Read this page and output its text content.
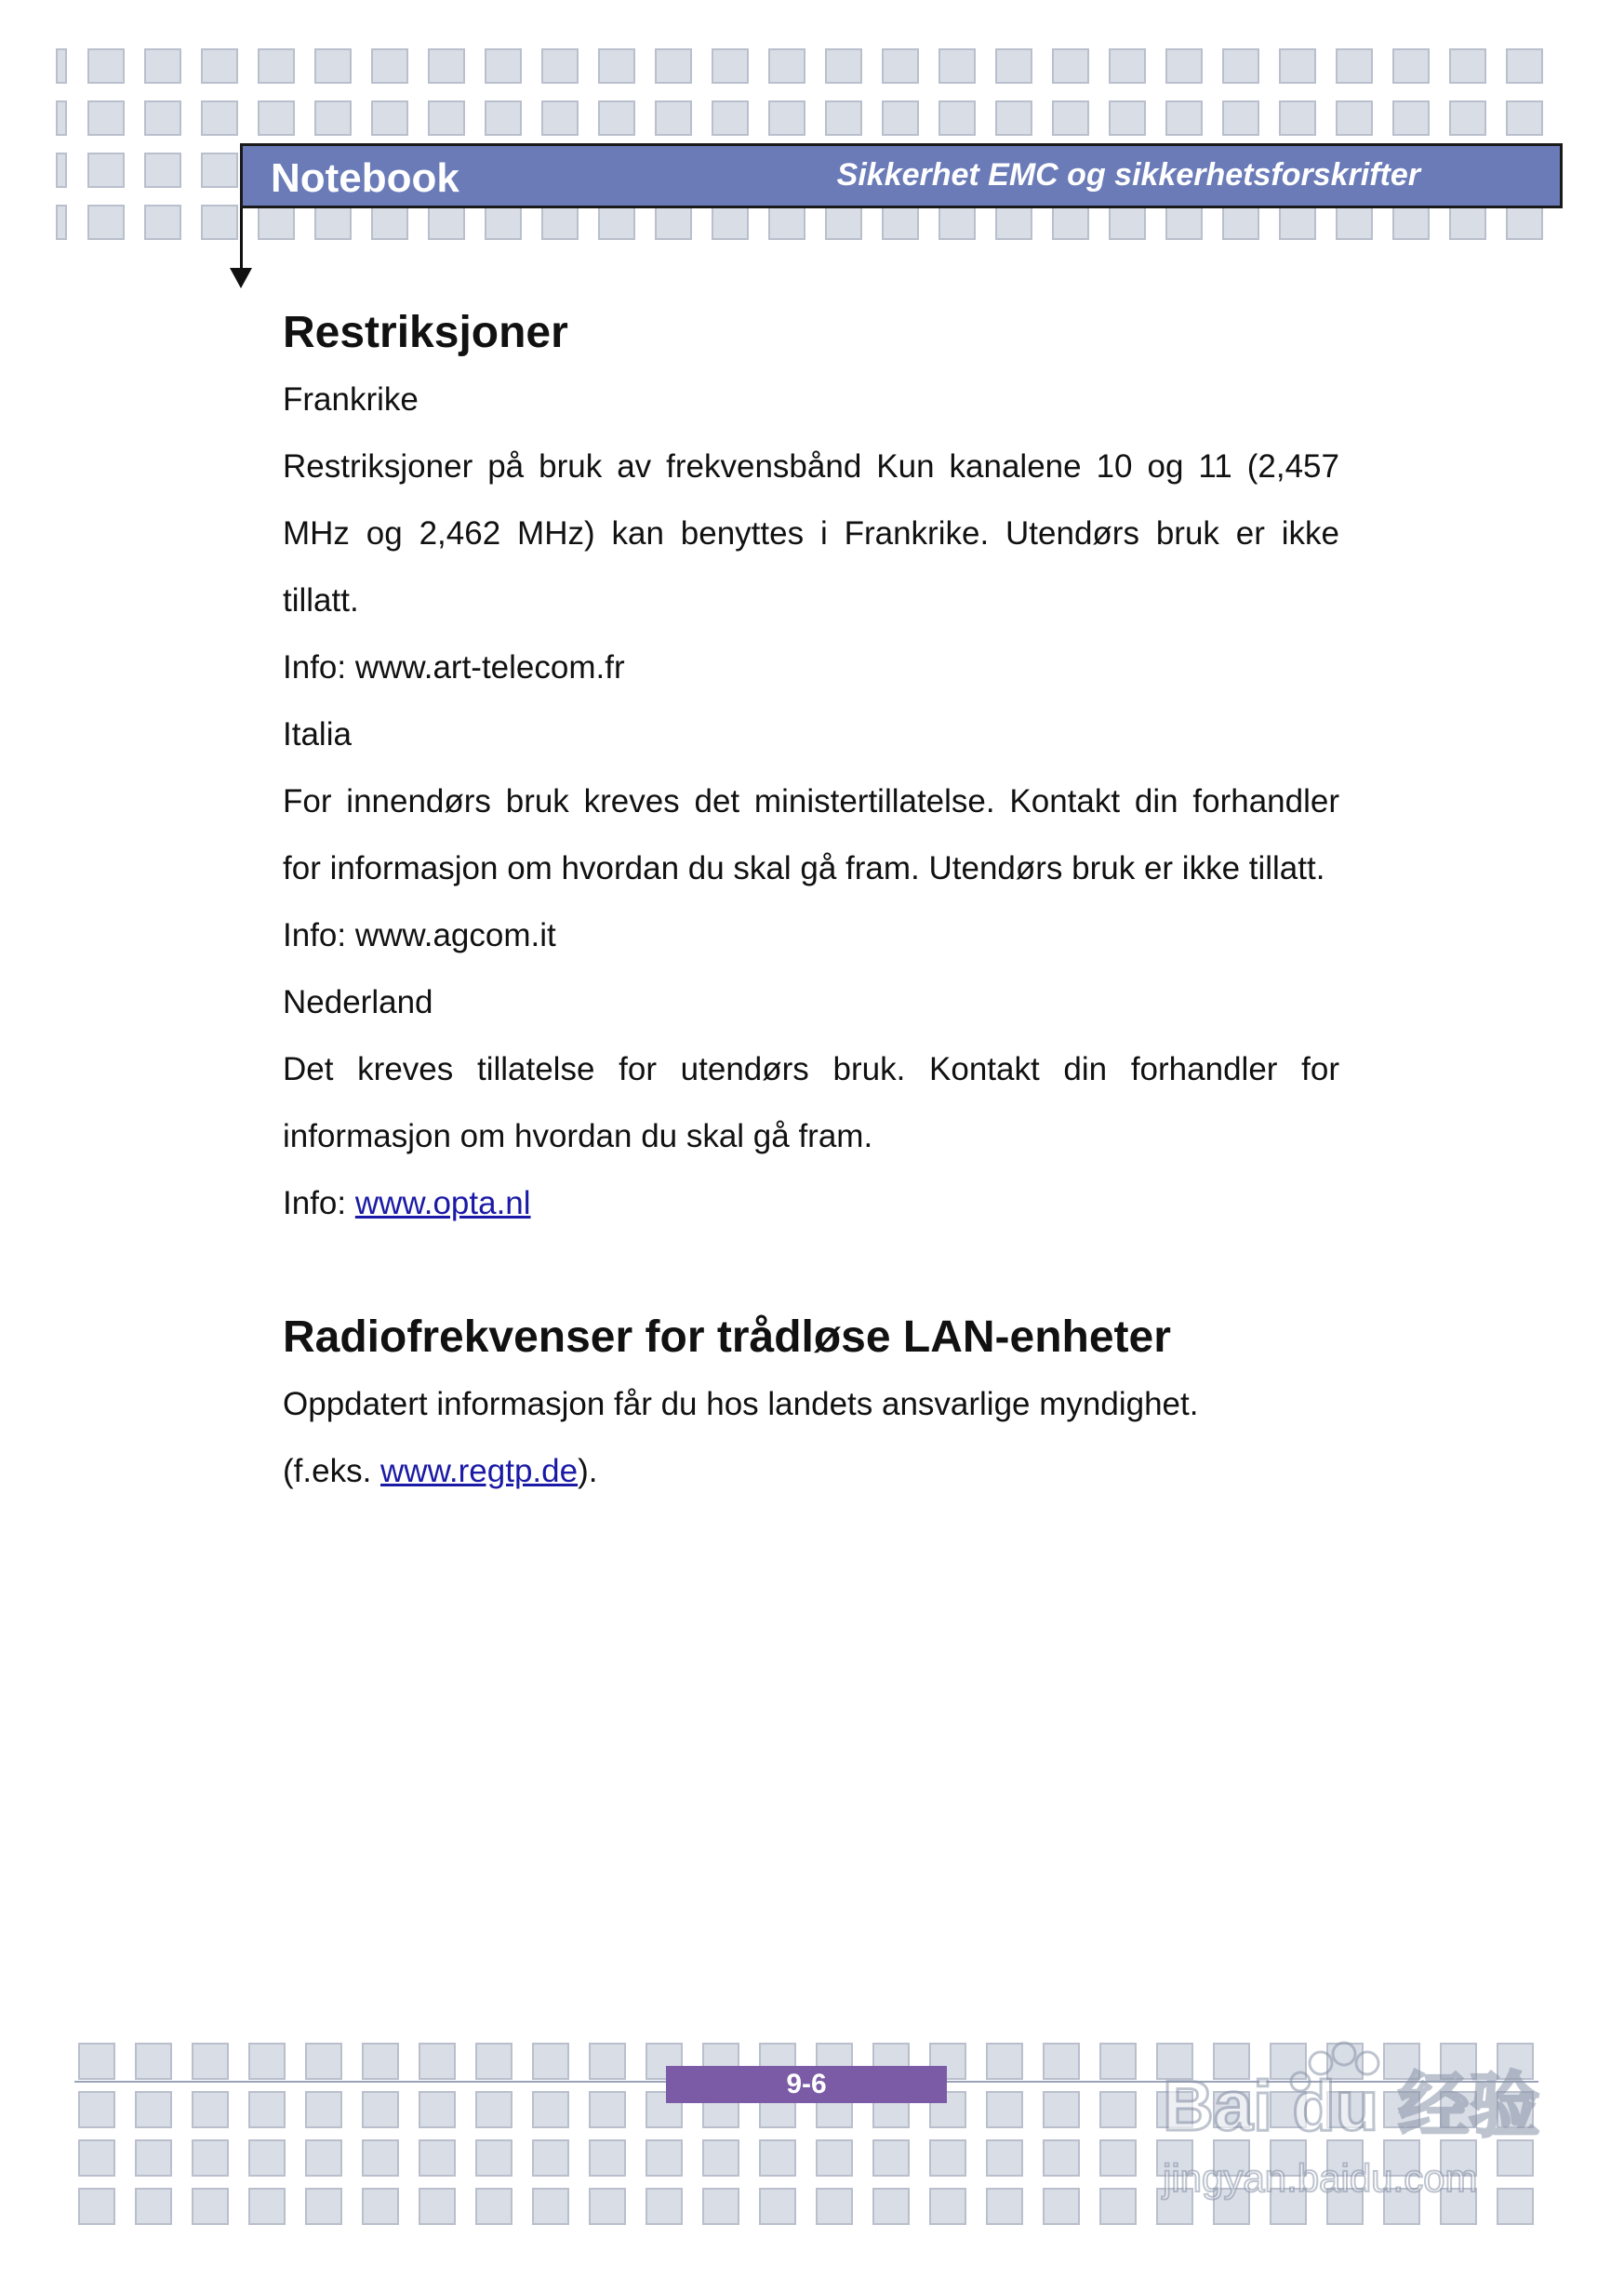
Notebook	Sikkerhet EMC og sikkerhetsforskrifter
Restriksjoner

Frankrike

Restriksjoner på bruk av frekvensbånd Kun kanalene 10 og 11 (2,457 MHz og 2,462 MHz) kan benyttes i Frankrike. Utendørs bruk er ikke tillatt.

Info: www.art-telecom.fr

Italia

For innendørs bruk kreves det ministertillatelse. Kontakt din forhandler for informasjon om hvordan du skal gå fram. Utendørs bruk er ikke tillatt.

Info: www.agcom.it

Nederland

Det kreves tillatelse for utendørs bruk. Kontakt din forhandler for informasjon om hvordan du skal gå fram.

Info: www.opta.nl

Radiofrekvenser for trådløse LAN-enheter

Oppdatert informasjon får du hos landets ansvarlige myndighet.

(f.eks. www.regtp.de).

9-6	Bai du 经验
jingyan.baidu.com
